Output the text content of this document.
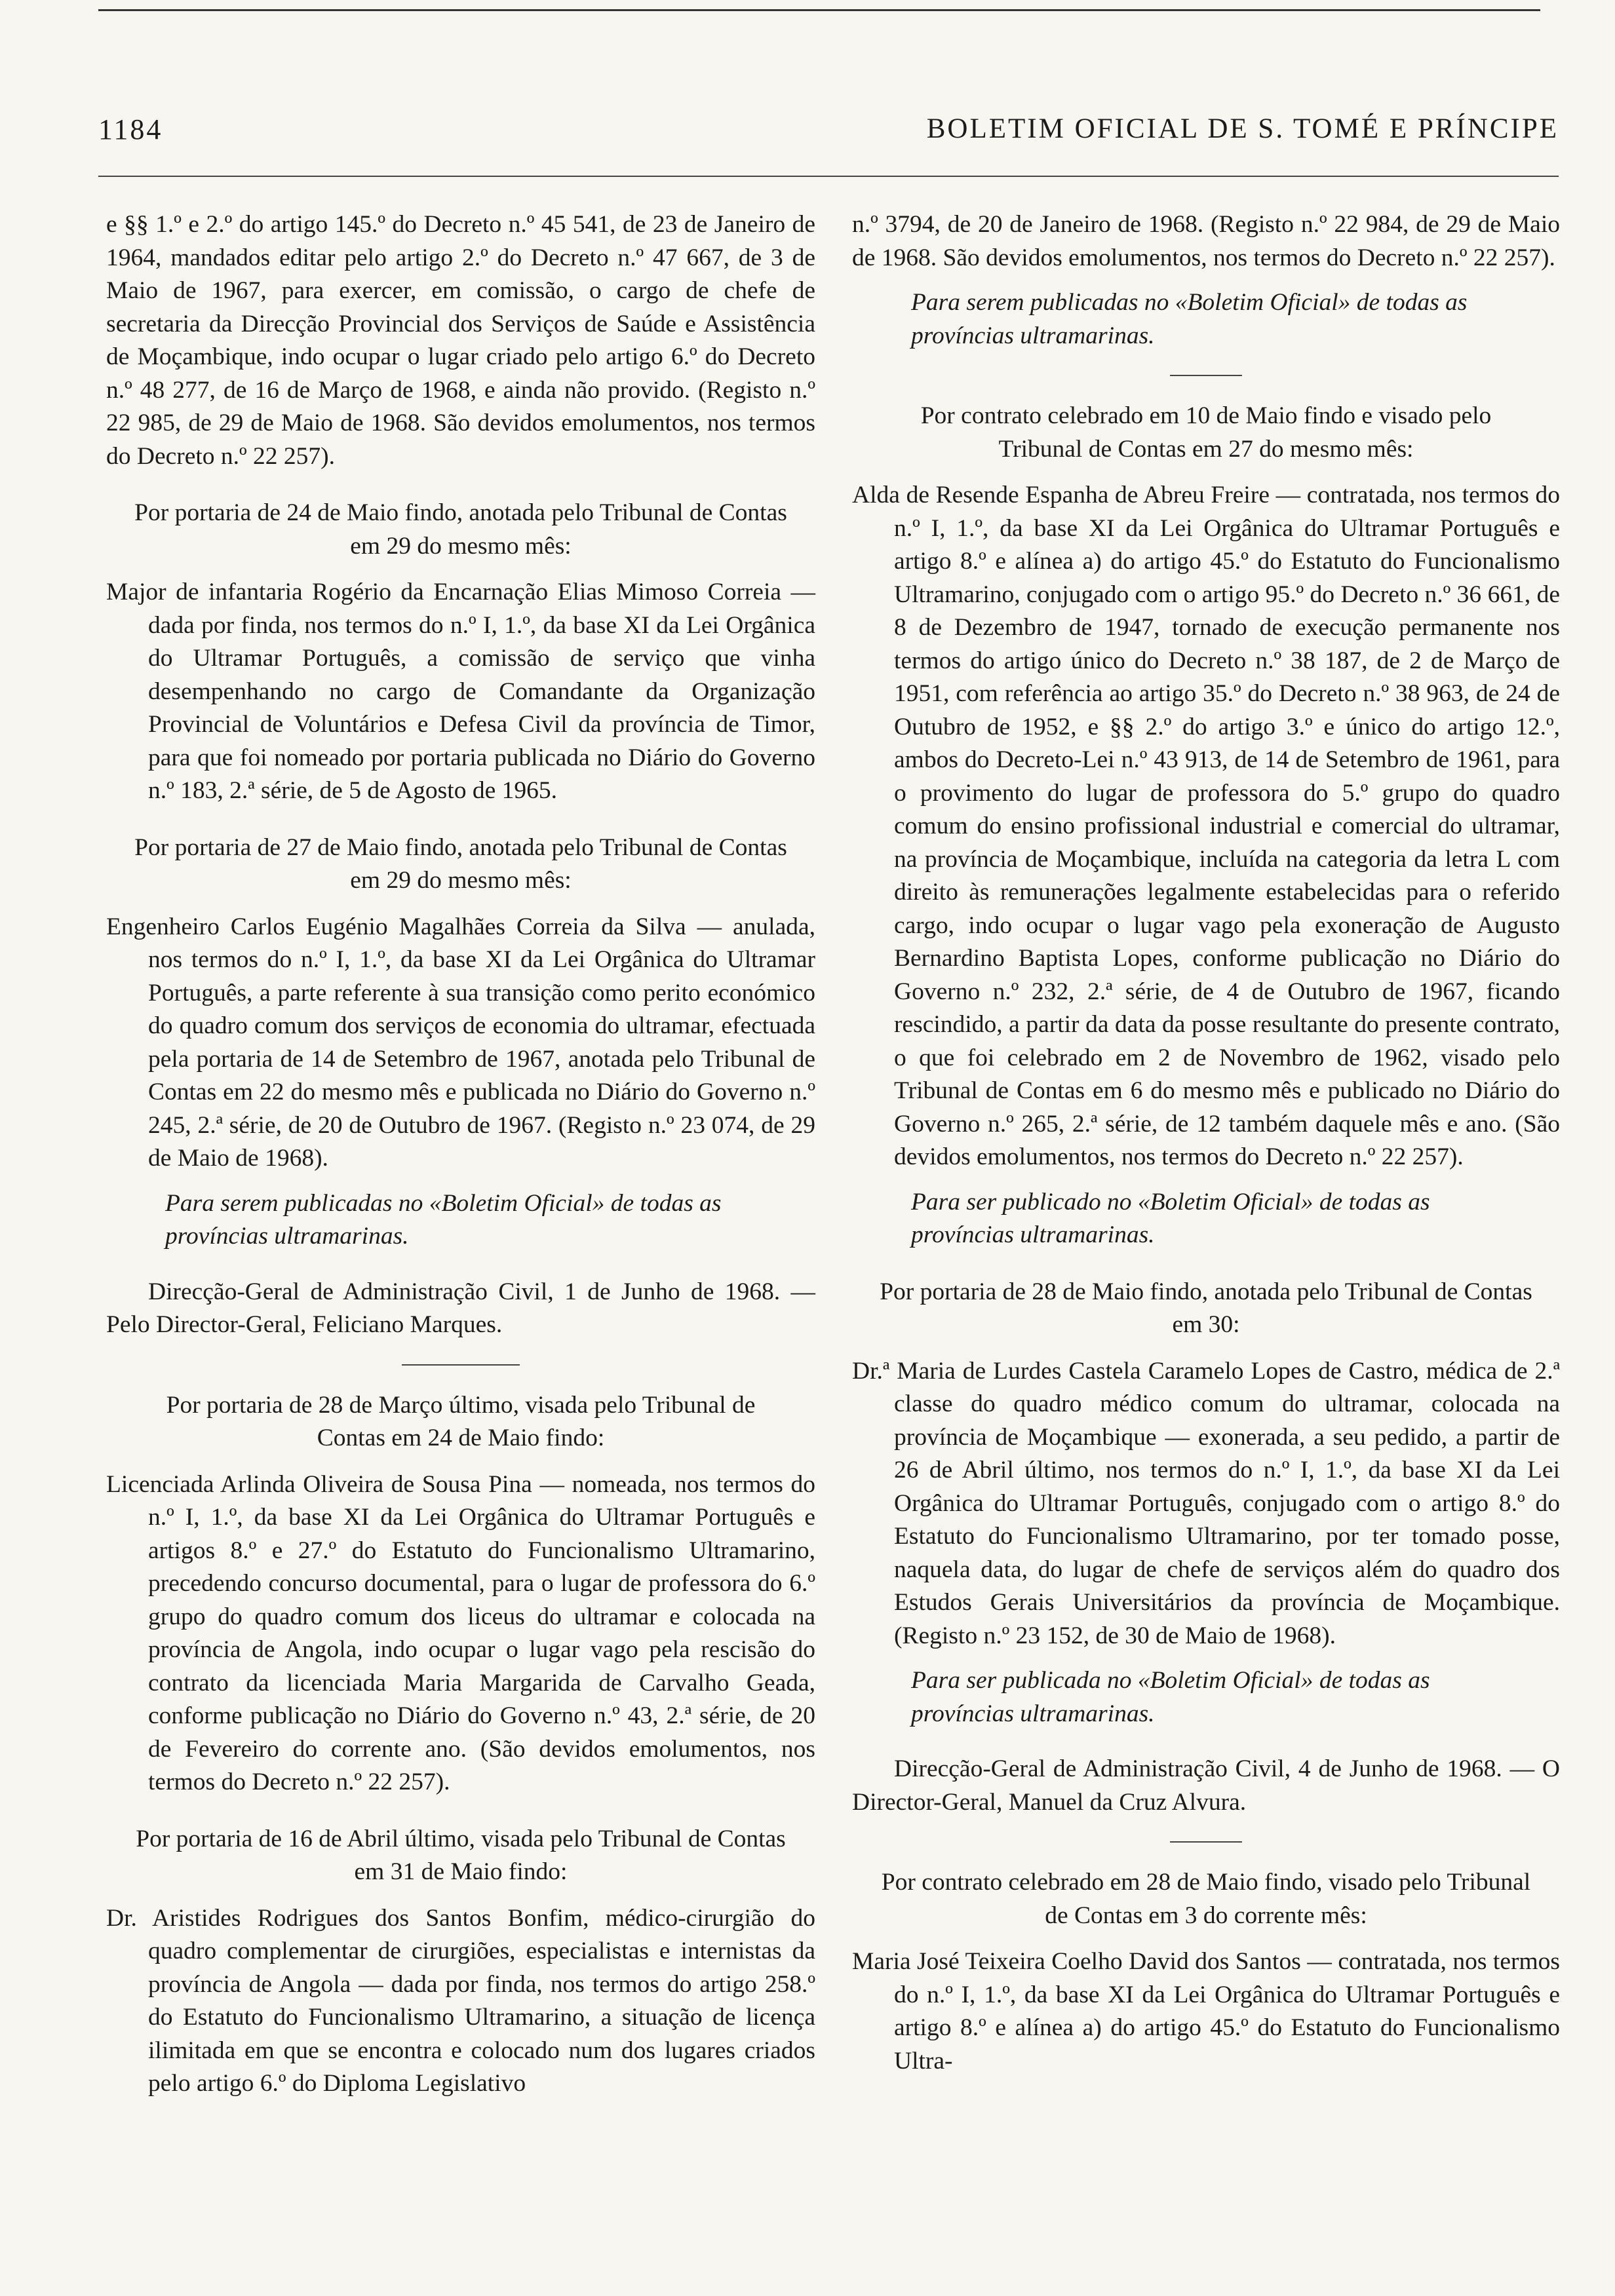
1184	BOLETIM OFICIAL DE S. TOMÉ E PRÍNCIPE

e §§ 1.º e 2.º do artigo 145.º do Decreto n.º 45 541, de 23 de Janeiro de 1964, mandados editar pelo artigo 2.º do Decreto n.º 47 667, de 3 de Maio de 1967, para exercer, em comissão, o cargo de chefe de secretaria da Direcção Provincial dos Serviços de Saúde e Assistência de Moçambique, indo ocupar o lugar criado pelo artigo 6.º do Decreto n.º 48 277, de 16 de Março de 1968, e ainda não provido. (Registo n.º 22 985, de 29 de Maio de 1968. São devidos emolumentos, nos termos do Decreto n.º 22 257).

Por portaria de 24 de Maio findo, anotada pelo Tribunal de Contas em 29 do mesmo mês:

Major de infantaria Rogério da Encarnação Elias Mimoso Correia — dada por finda, nos termos do n.º I, 1.º, da base XI da Lei Orgânica do Ultramar Português, a comissão de serviço que vinha desempenhando no cargo de Comandante da Organização Provincial de Voluntários e Defesa Civil da província de Timor, para que foi nomeado por portaria publicada no Diário do Governo n.º 183, 2.ª série, de 5 de Agosto de 1965.

Por portaria de 27 de Maio findo, anotada pelo Tribunal de Contas em 29 do mesmo mês:

Engenheiro Carlos Eugénio Magalhães Correia da Silva — anulada, nos termos do n.º I, 1.º, da base XI da Lei Orgânica do Ultramar Português, a parte referente à sua transição como perito económico do quadro comum dos serviços de economia do ultramar, efectuada pela portaria de 14 de Setembro de 1967, anotada pelo Tribunal de Contas em 22 do mesmo mês e publicada no Diário do Governo n.º 245, 2.ª série, de 20 de Outubro de 1967. (Registo n.º 23 074, de 29 de Maio de 1968).

Para serem publicadas no «Boletim Oficial» de todas as províncias ultramarinas.

Direcção-Geral de Administração Civil, 1 de Junho de 1968. — Pelo Director-Geral, Feliciano Marques.

Por portaria de 28 de Março último, visada pelo Tribunal de Contas em 24 de Maio findo:

Licenciada Arlinda Oliveira de Sousa Pina — nomeada, nos termos do n.º I, 1.º, da base XI da Lei Orgânica do Ultramar Português e artigos 8.º e 27.º do Estatuto do Funcionalismo Ultramarino, precedendo concurso documental, para o lugar de professora do 6.º grupo do quadro comum dos liceus do ultramar e colocada na província de Angola, indo ocupar o lugar vago pela rescisão do contrato da licenciada Maria Margarida de Carvalho Geada, conforme publicação no Diário do Governo n.º 43, 2.ª série, de 20 de Fevereiro do corrente ano. (São devidos emolumentos, nos termos do Decreto n.º 22 257).

Por portaria de 16 de Abril último, visada pelo Tribunal de Contas em 31 de Maio findo:

Dr. Aristides Rodrigues dos Santos Bonfim, médico-cirurgião do quadro complementar de cirurgiões, especialistas e internistas da província de Angola — dada por finda, nos termos do artigo 258.º do Estatuto do Funcionalismo Ultramarino, a situação de licença ilimitada em que se encontra e colocado num dos lugares criados pelo artigo 6.º do Diploma Legislativo

n.º 3794, de 20 de Janeiro de 1968. (Registo n.º 22 984, de 29 de Maio de 1968. São devidos emolumentos, nos termos do Decreto n.º 22 257).

Para serem publicadas no «Boletim Oficial» de todas as províncias ultramarinas.

Por contrato celebrado em 10 de Maio findo e visado pelo Tribunal de Contas em 27 do mesmo mês:

Alda de Resende Espanha de Abreu Freire — contratada, nos termos do n.º I, 1.º, da base XI da Lei Orgânica do Ultramar Português e artigo 8.º e alínea a) do artigo 45.º do Estatuto do Funcionalismo Ultramarino, conjugado com o artigo 95.º do Decreto n.º 36 661, de 8 de Dezembro de 1947, tornado de execução permanente nos termos do artigo único do Decreto n.º 38 187, de 2 de Março de 1951, com referência ao artigo 35.º do Decreto n.º 38 963, de 24 de Outubro de 1952, e §§ 2.º do artigo 3.º e único do artigo 12.º, ambos do Decreto-Lei n.º 43 913, de 14 de Setembro de 1961, para o provimento do lugar de professora do 5.º grupo do quadro comum do ensino profissional industrial e comercial do ultramar, na província de Moçambique, incluída na categoria da letra L com direito às remunerações legalmente estabelecidas para o referido cargo, indo ocupar o lugar vago pela exoneração de Augusto Bernardino Baptista Lopes, conforme publicação no Diário do Governo n.º 232, 2.ª série, de 4 de Outubro de 1967, ficando rescindido, a partir da data da posse resultante do presente contrato, o que foi celebrado em 2 de Novembro de 1962, visado pelo Tribunal de Contas em 6 do mesmo mês e publicado no Diário do Governo n.º 265, 2.ª série, de 12 também daquele mês e ano. (São devidos emolumentos, nos termos do Decreto n.º 22 257).

Para ser publicado no «Boletim Oficial» de todas as províncias ultramarinas.

Por portaria de 28 de Maio findo, anotada pelo Tribunal de Contas em 30:

Dr.ª Maria de Lurdes Castela Caramelo Lopes de Castro, médica de 2.ª classe do quadro médico comum do ultramar, colocada na província de Moçambique — exonerada, a seu pedido, a partir de 26 de Abril último, nos termos do n.º I, 1.º, da base XI da Lei Orgânica do Ultramar Português, conjugado com o artigo 8.º do Estatuto do Funcionalismo Ultramarino, por ter tomado posse, naquela data, do lugar de chefe de serviços além do quadro dos Estudos Gerais Universitários da província de Moçambique. (Registo n.º 23 152, de 30 de Maio de 1968).

Para ser publicada no «Boletim Oficial» de todas as províncias ultramarinas.

Direcção-Geral de Administração Civil, 4 de Junho de 1968. — O Director-Geral, Manuel da Cruz Alvura.

Por contrato celebrado em 28 de Maio findo, visado pelo Tribunal de Contas em 3 do corrente mês:

Maria José Teixeira Coelho David dos Santos — contratada, nos termos do n.º I, 1.º, da base XI da Lei Orgânica do Ultramar Português e artigo 8.º e alínea a) do artigo 45.º do Estatuto do Funcionalismo Ultra-
